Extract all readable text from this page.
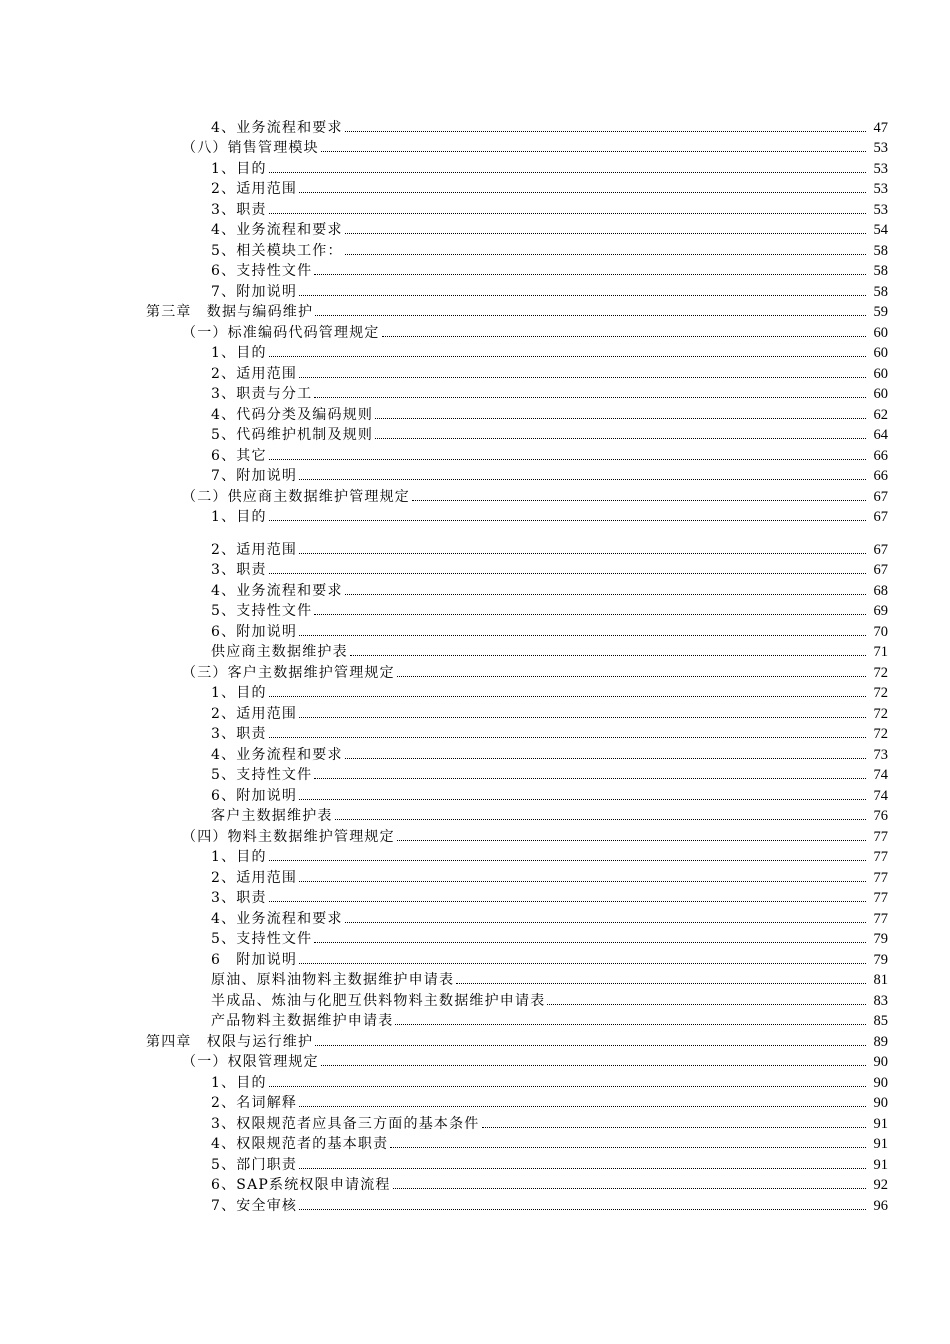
4、业务流程和要求	47
（八）销售管理模块	53
1、目的	53
2、适用范围	53
3、职责	53
4、业务流程和要求	54
5、相关模块工作：	58
6、支持性文件	58
7、附加说明	58
第三章　数据与编码维护	59
（一）标准编码代码管理规定	60
1、目的	60
2、适用范围	60
3、职责与分工	60
4、代码分类及编码规则	62
5、代码维护机制及规则	64
6、其它	66
7、附加说明	66
（二）供应商主数据维护管理规定	67
1、目的	67
2、适用范围	67
3、职责	67
4、业务流程和要求	68
5、支持性文件	69
6、附加说明	70
供应商主数据维护表	71
（三）客户主数据维护管理规定	72
1、目的	72
2、适用范围	72
3、职责	72
4、业务流程和要求	73
5、支持性文件	74
6、附加说明	74
客户主数据维护表	76
（四）物料主数据维护管理规定	77
1、目的	77
2、适用范围	77
3、职责	77
4、业务流程和要求	77
5、支持性文件	79
6　附加说明	79
原油、原料油物料主数据维护申请表	81
半成品、炼油与化肥互供料物料主数据维护申请表	83
产品物料主数据维护申请表	85
第四章　权限与运行维护	89
（一）权限管理规定	90
1、目的	90
2、名词解释	90
3、权限规范者应具备三方面的基本条件	91
4、权限规范者的基本职责	91
5、部门职责	91
6、SAP系统权限申请流程	92
7、安全审核	96
